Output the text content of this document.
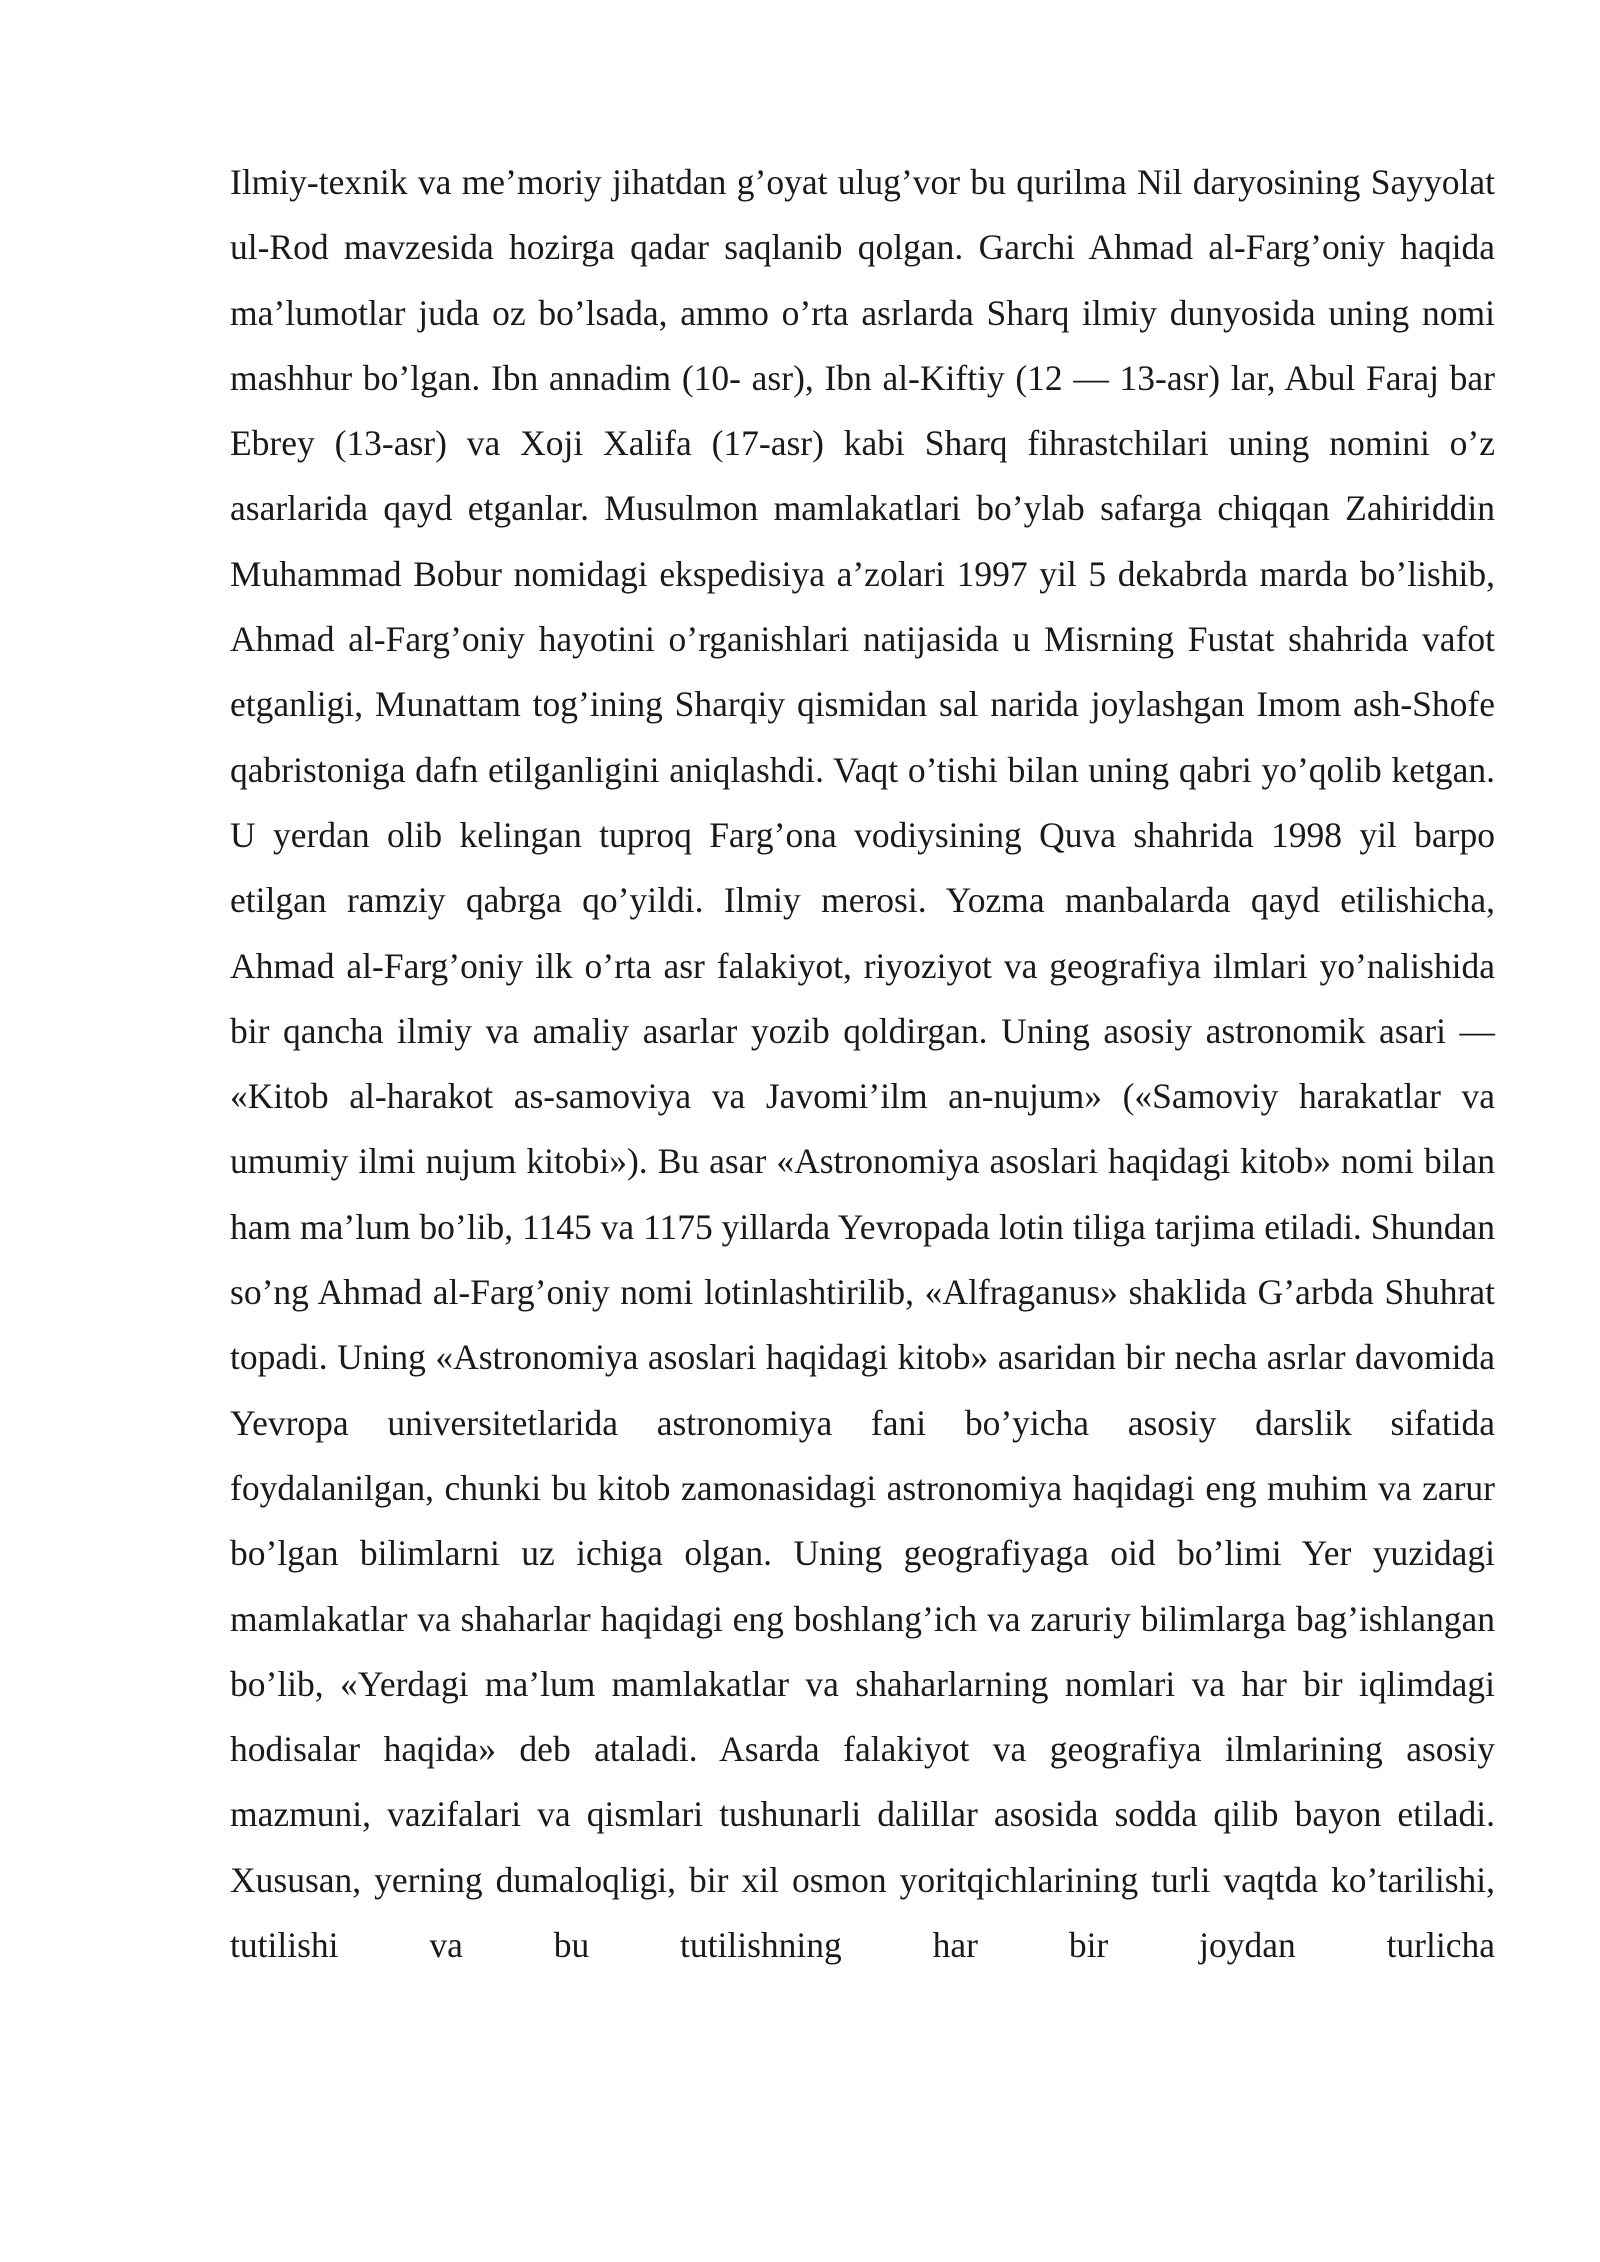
Ilmiy-texnik va me’moriy jihatdan g’oyat ulug’vor bu qurilma Nil daryosining Sayyolat ul-Rod mavzesida hozirga qadar saqlanib qolgan. Garchi Ahmad al-Farg’oniy haqida ma’lumotlar juda oz bo’lsada, ammo o’rta asrlarda Sharq ilmiy dunyosida uning nomi mashhur bo’lgan. Ibn annadim (10- asr), Ibn al-Kiftiy (12 — 13-asr) lar, Abul Faraj bar Ebrey (13-asr) va Xoji Xalifa (17-asr) kabi Sharq fihrastchilari uning nomini o’z asarlarida qayd etganlar. Musulmon mamlakatlari bo’ylab safarga chiqqan Zahiriddin Muhammad Bobur nomidagi ekspedisiya a’zolari 1997 yil 5 dekabrda marda bo’lishib, Ahmad al-Farg’oniy hayotini o’rganishlari natijasida u Misrning Fustat shahrida vafot etganligi, Munattam tog’ining Sharqiy qismidan sal narida joylashgan Imom ash-Shofe qabristoniga dafn etilganligini aniqlashdi. Vaqt o’tishi bilan uning qabri yo’qolib ketgan. U yerdan olib kelingan tuproq Farg’ona vodiysining Quva shahrida 1998 yil barpo etilgan ramziy qabrga qo’yildi. Ilmiy merosi. Yozma manbalarda qayd etilishicha, Ahmad al-Farg’oniy ilk o’rta asr falakiyot, riyoziyot va geografiya ilmlari yo’nalishida bir qancha ilmiy va amaliy asarlar yozib qoldirgan. Uning asosiy astronomik asari — «Kitob al-harakot as-samoviya va Javomi’ilm an-nujum» («Samoviy harakatlar va umumiy ilmi nujum kitobi»). Bu asar «Astronomiya asoslari haqidagi kitob» nomi bilan ham ma’lum bo’lib, 1145 va 1175 yillarda Yevropada lotin tiliga tarjima etiladi. Shundan so’ng Ahmad al-Farg’oniy nomi lotinlashtirilib, «Alfraganus» shaklida G’arbda Shuhrat topadi. Uning «Astronomiya asoslari haqidagi kitob» asaridan bir necha asrlar davomida Yevropa universitetlarida astronomiya fani bo’yicha asosiy darslik sifatida foydalanilgan, chunki bu kitob zamonasidagi astronomiya haqidagi eng muhim va zarur bo’lgan bilimlarni uz ichiga olgan. Uning geografiyaga oid bo’limi Yer yuzidagi mamlakatlar va shaharlar haqidagi eng boshlang’ich va zaruriy bilimlarga bag’ishlangan bo’lib, «Yerdagi ma’lum mamlakatlar va shaharlarning nomlari va har bir iqlimdagi hodisalar haqida» deb ataladi. Asarda falakiyot va geografiya ilmlarining asosiy mazmuni, vazifalari va qismlari tushunarli dalillar asosida sodda qilib bayon etiladi. Xususan, yerning dumaloqligi, bir xil osmon yoritqichlarining turli vaqtda ko’tarilishi, tutilishi va bu tutilishning har bir joydan turlicha
